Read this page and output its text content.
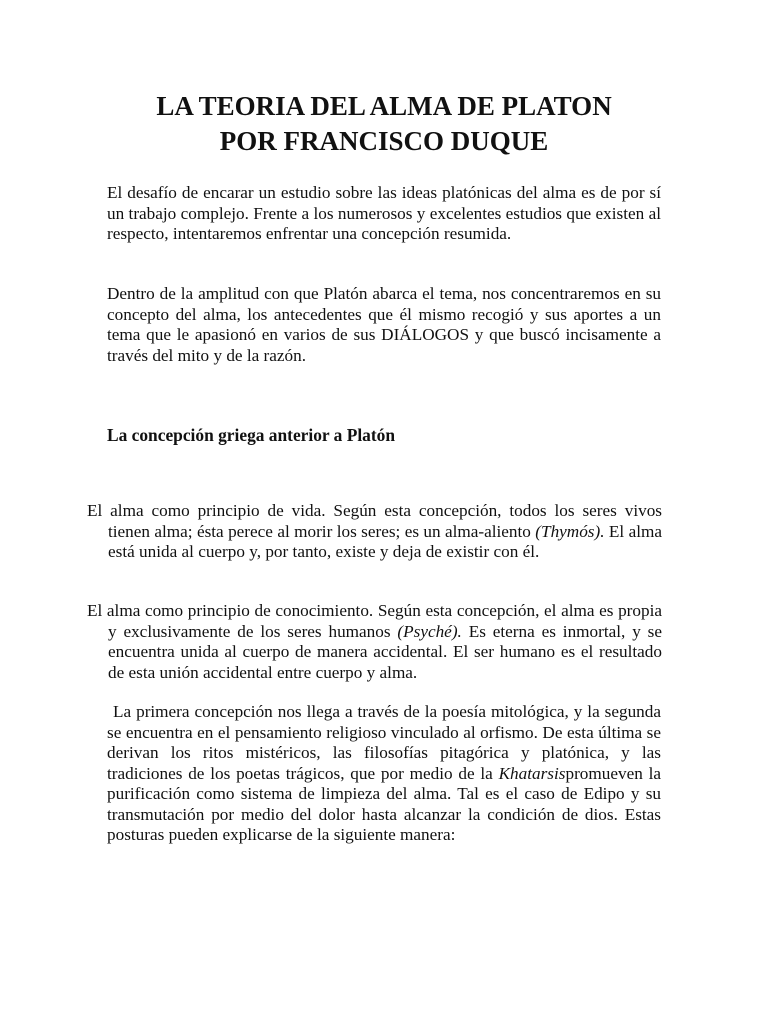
LA TEORIA DEL ALMA DE PLATON
POR FRANCISCO DUQUE

El desafío de encarar un estudio sobre las ideas platónicas del alma es de por sí un trabajo complejo. Frente a los numerosos y excelentes estudios que existen al respecto, intentaremos enfrentar una concepción resumida.

Dentro de la amplitud con que Platón abarca el tema, nos concentraremos en su concepto del alma, los antecedentes que él mismo recogió y sus aportes a un tema que le apasionó en varios de sus DIÁLOGOS y que buscó incisamente a través del mito y de la razón.

La concepción griega anterior a Platón

El alma como principio de vida. Según esta concepción, todos los seres vivos tienen alma; ésta perece al morir los seres; es un alma-aliento (Thymós). El alma está unida al cuerpo y, por tanto, existe y deja de existir con él.

El alma como principio de conocimiento. Según esta concepción, el alma es propia y exclusivamente de los seres humanos (Psyché). Es eterna es inmortal, y se encuentra unida al cuerpo de manera accidental. El ser humano es el resultado de esta unión accidental entre cuerpo y alma.

La primera concepción nos llega a través de la poesía mitológica, y la segunda se encuentra en el pensamiento religioso vinculado al orfismo. De esta última se derivan los ritos mistéricos, las filosofías pitagórica y platónica, y las tradiciones de los poetas trágicos, que por medio de la Khatarsispromueven la purificación como sistema de limpieza del alma. Tal es el caso de Edipo y su transmutación por medio del dolor hasta alcanzar la condición de dios. Estas posturas pueden explicarse de la siguiente manera:
